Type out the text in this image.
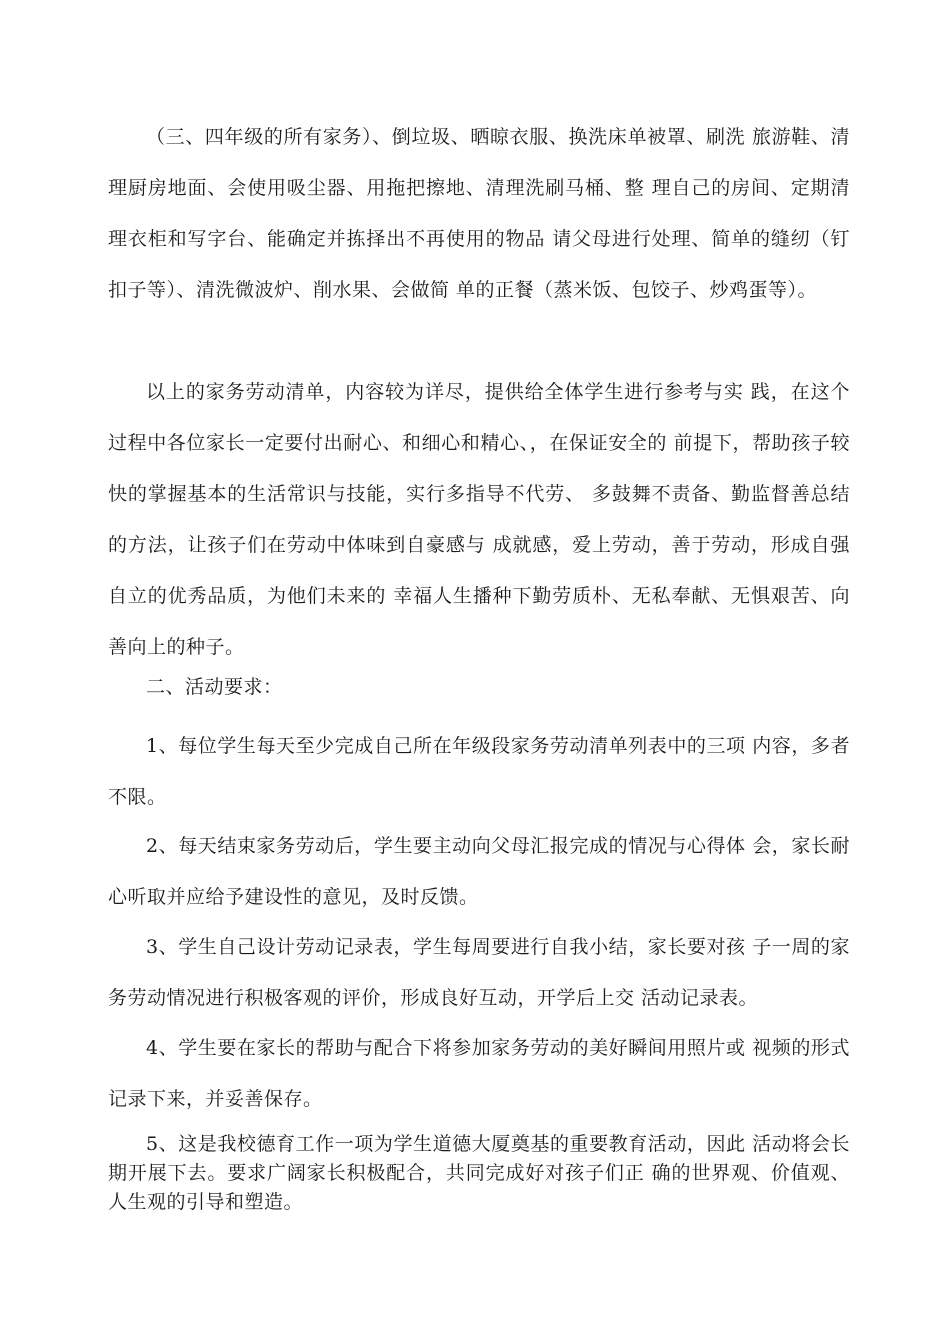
（三、四年级的所有家务）、倒垃圾、晒晾衣服、换洗床单被罩、刷洗 旅游鞋、清理厨房地面、会使用吸尘器、用拖把擦地、清理洗刷马桶、整 理自己的房间、定期清理衣柜和写字台、能确定并拣择出不再使用的物品 请父母进行处理、简单的缝纫（钉扣子等）、清洗微波炉、削水果、会做简 单的正餐（蒸米饭、包饺子、炒鸡蛋等）。

以上的家务劳动清单，内容较为详尽，提供给全体学生进行参考与实 践，在这个过程中各位家长一定要付出耐心、和细心和精心、，在保证安全的 前提下，帮助孩子较快的掌握基本的生活常识与技能，实行多指导不代劳、 多鼓舞不责备、勤监督善总结的方法，让孩子们在劳动中体味到自豪感与 成就感，爱上劳动，善于劳动，形成自强自立的优秀品质，为他们未来的 幸福人生播种下勤劳质朴、无私奉献、无惧艰苦、向善向上的种子。

二、活动要求：

1、每位学生每天至少完成自己所在年级段家务劳动清单列表中的三项 内容，多者不限。

2、每天结束家务劳动后，学生要主动向父母汇报完成的情况与心得体 会，家长耐心听取并应给予建设性的意见，及时反馈。

3、学生自己设计劳动记录表，学生每周要进行自我小结，家长要对孩 子一周的家务劳动情况进行积极客观的评价，形成良好互动，开学后上交 活动记录表。

4、学生要在家长的帮助与配合下将参加家务劳动的美好瞬间用照片或 视频的形式记录下来，并妥善保存。

5、这是我校德育工作一项为学生道德大厦奠基的重要教育活动，因此 活动将会长期开展下去。要求广阔家长积极配合，共同完成好对孩子们正 确的世界观、价值观、人生观的引导和塑造。
